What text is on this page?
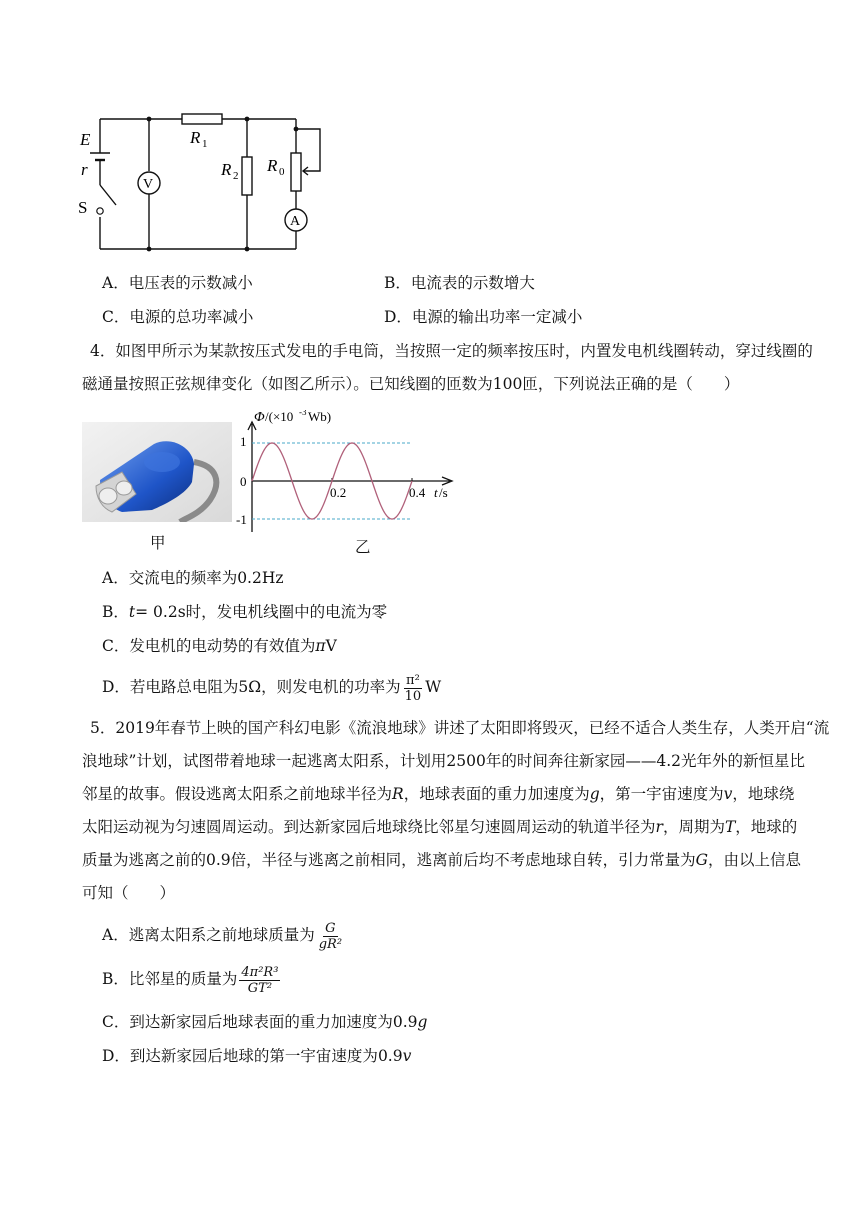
E
r
S
V
A
R 1
R 2
R 0
A．电压表的示数减小	B．电流表的示数增大
C．电源的总功率减小	D．电源的输出功率一定减小
4．如图甲所示为某款按压式发电的手电筒，当按照一定的频率按压时，内置发电机线圈转动，穿过线圈的
磁通量按照正弦规律变化（如图乙所示）。已知线圈的匝数为100匝，下列说法正确的是（　　）
甲	乙
Φ /(×10 -3 Wb)
1
0
-1
0.2	0.4 t /s
A．交流电的频率为0.2Hz
B．t= 0.2s时，发电机线圈中的电流为零
C．发电机的电动势的有效值为πV
D．若电路总电阻为5Ω，则发电机的功率为 $\frac{\text{π²}}{10}$ W
5．2019年春节上映的国产科幻电影《流浪地球》讲述了太阳即将毁灭，已经不适合人类生存，人类开启“流
浪地球”计划，试图带着地球一起逃离太阳系，计划用2500年的时间奔往新家园——4.2光年外的新恒星比
邻星的故事。假设逃离太阳系之前地球半径为R，地球表面的重力加速度为g，第一宇宙速度为v，地球绕
太阳运动视为匀速圆周运动。到达新家园后地球绕比邻星匀速圆周运动的轨道半径为r，周期为T，地球的
质量为逃离之前的0.9倍，半径与逃离之前相同，逃离前后均不考虑地球自转，引力常量为G，由以上信息
可知（　　）
A．逃离太阳系之前地球质量为 $\frac{G}{\text{gR²}}$
B．比邻星的质量为 $\frac{\text{4π²R³}}{\text{GT²}}$
C．到达新家园后地球表面的重力加速度为0.9g
D．到达新家园后地球的第一宇宙速度为0.9v
